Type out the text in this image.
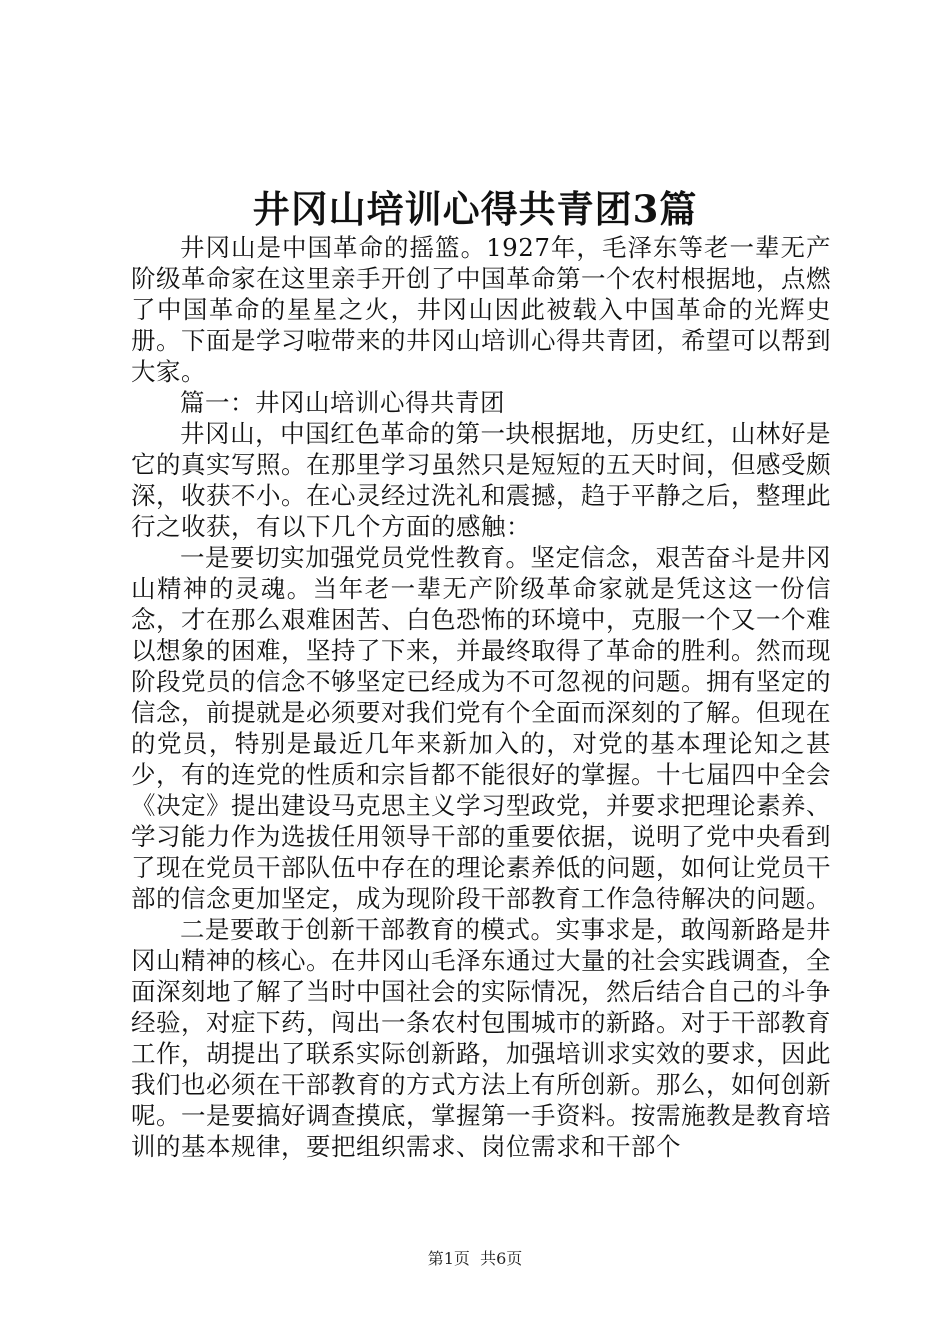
井冈山培训心得共青团3篇

井冈山是中国革命的摇篮。1927年，毛泽东等老一辈无产阶级革命家在这里亲手开创了中国革命第一个农村根据地，点燃了中国革命的星星之火，井冈山因此被载入中国革命的光辉史册。下面是学习啦带来的井冈山培训心得共青团，希望可以帮到大家。

篇一：井冈山培训心得共青团

井冈山，中国红色革命的第一块根据地，历史红，山林好是它的真实写照。在那里学习虽然只是短短的五天时间，但感受颇深，收获不小。在心灵经过洗礼和震撼，趋于平静之后，整理此行之收获，有以下几个方面的感触：

一是要切实加强党员党性教育。坚定信念，艰苦奋斗是井冈山精神的灵魂。当年老一辈无产阶级革命家就是凭这这一份信念，才在那么艰难困苦、白色恐怖的环境中，克服一个又一个难以想象的困难，坚持了下来，并最终取得了革命的胜利。然而现阶段党员的信念不够坚定已经成为不可忽视的问题。拥有坚定的信念，前提就是必须要对我们党有个全面而深刻的了解。但现在的党员，特别是最近几年来新加入的，对党的基本理论知之甚少，有的连党的性质和宗旨都不能很好的掌握。十七届四中全会《决定》提出建设马克思主义学习型政党，并要求把理论素养、学习能力作为选拔任用领导干部的重要依据，说明了党中央看到了现在党员干部队伍中存在的理论素养低的问题，如何让党员干部的信念更加坚定，成为现阶段干部教育工作急待解决的问题。

二是要敢于创新干部教育的模式。实事求是，敢闯新路是井冈山精神的核心。在井冈山毛泽东通过大量的社会实践调查，全面深刻地了解了当时中国社会的实际情况，然后结合自己的斗争经验，对症下药，闯出一条农村包围城市的新路。对于干部教育工作，胡提出了联系实际创新路，加强培训求实效的要求，因此我们也必须在干部教育的方式方法上有所创新。那么，如何创新呢。一是要搞好调查摸底，掌握第一手资料。按需施教是教育培训的基本规律，要把组织需求、岗位需求和干部个

第1页 共6页
